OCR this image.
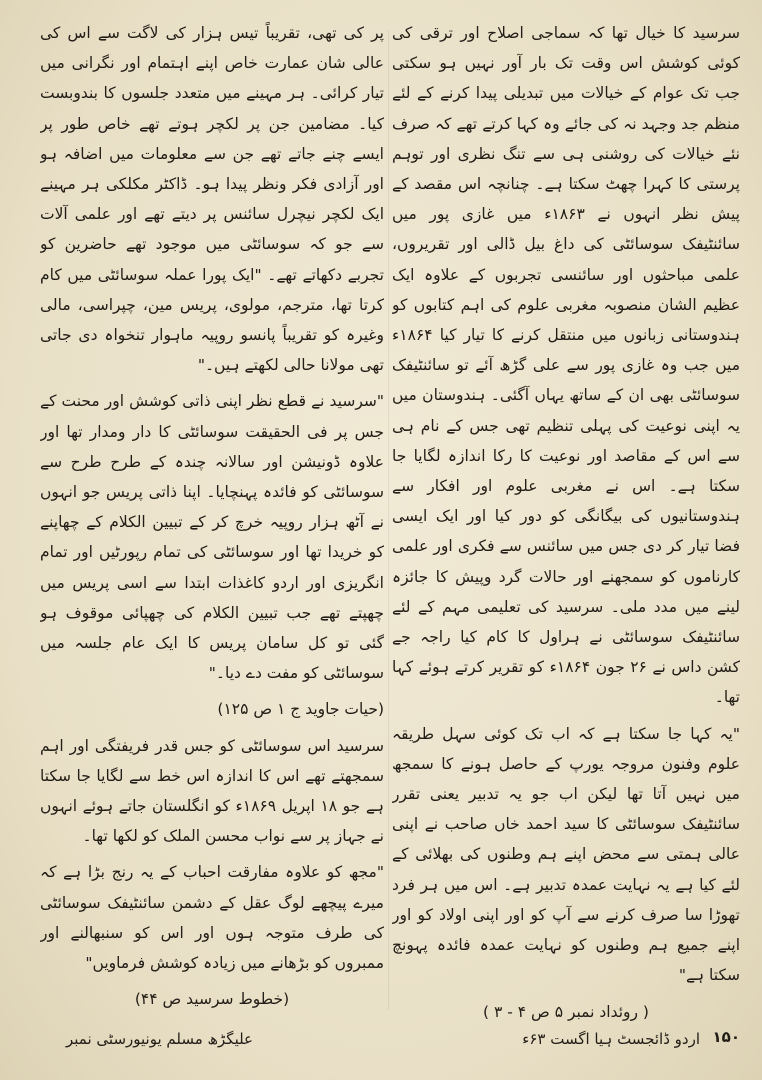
سرسید کا خیال تھا کہ سماجی اصلاح اور ترقی کی کوئی کوشش اس وقت تک بار آور نہیں ہو سکتی جب تک عوام کے خیالات میں تبدیلی پیدا کرنے کے لئے منظم جد وجہد نہ کی جائے وہ کہا کرتے تھے کہ صرف نئے خیالات کی روشنی ہی سے تنگ نظری اور توہم پرستی کا کہرا چھٹ سکتا ہے۔ چنانچہ اس مقصد کے پیش نظر انہوں نے ۱۸۶۳ء میں غازی پور میں سائنٹیفک سوسائٹی کی داغ بیل ڈالی اور تقریروں، علمی مباحثوں اور سائنسی تجربوں کے علاوہ ایک عظیم الشان منصوبہ مغربی علوم کی اہم کتابوں کو ہندوستانی زبانوں میں منتقل کرنے کا تیار کیا ۱۸۶۴ء میں جب وہ غازی پور سے علی گڑھ آئے تو سائنٹیفک سوسائٹی بھی ان کے ساتھ یہاں آگئی۔ ہندوستان میں یہ اپنی نوعیت کی پہلی تنظیم تھی جس کے نام ہی سے اس کے مقاصد اور نوعیت کا رکا اندازہ لگایا جا سکتا ہے۔ اس نے مغربی علوم اور افکار سے ہندوستانیوں کی بیگانگی کو دور کیا اور ایک ایسی فضا تیار کر دی جس میں سائنس سے فکری اور علمی کارناموں کو سمجھنے اور حالات گرد وپیش کا جائزہ لینے میں مدد ملی۔ سرسید کی تعلیمی مہم کے لئے سائنٹیفک سوسائٹی نے ہراول کا کام کیا راجہ جے کشن داس نے ۲۶ جون ۱۸۶۴ء کو تقریر کرتے ہوئے کہا تھا۔

"یہ کہا جا سکتا ہے کہ اب تک کوئی سہل طریقہ علوم وفنون مروجہ یورپ کے حاصل ہونے کا سمجھ میں نہیں آتا تھا لیکن اب جو یہ تدبیر یعنی تقرر سائنٹیفک سوسائٹی کا سید احمد خاں صاحب نے اپنی عالی ہمتی سے محض اپنے ہم وطنوں کی بھلائی کے لئے کیا ہے یہ نہایت عمدہ تدبیر ہے۔ اس میں ہر فرد تھوڑا سا صرف کرنے سے آپ کو اور اپنی اولاد کو اور اپنے جمیع ہم وطنوں کو نہایت عمدہ فائدہ پہونچ سکتا ہے"

( روئداد نمبر ۵ ص ۴ - ۳ )

پر کی تھی، تقریباً تیس ہزار کی لاگت سے اس کی عالی شان عمارت خاص اپنے اہتمام اور نگرانی میں تیار کرائی۔ ہر مہینے میں متعدد جلسوں کا بندوبست کیا۔ مضامین جن پر لکچر ہوتے تھے خاص طور پر ایسے چنے جاتے تھے جن سے معلومات میں اضافہ ہو اور آزادی فکر ونظر پیدا ہو۔ ڈاکٹر مکلکی ہر مہینے ایک لکچر نیچرل سائنس پر دیتے تھے اور علمی آلات سے جو کہ سوسائٹی میں موجود تھے حاضرین کو تجربے دکھاتے تھے۔ "ایک پورا عملہ سوسائٹی میں کام کرتا تھا، مترجم، مولوی، پریس مین، چپراسی، مالی وغیرہ کو تقریباً پانسو روپیہ ماہوار تنخواہ دی جاتی تھی مولانا حالی لکھتے ہیں۔"

"سرسید نے قطع نظر اپنی ذاتی کوشش اور محنت کے جس پر فی الحقیقت سوسائٹی کا دار ومدار تھا اور علاوہ ڈونیشن اور سالانہ چندہ کے طرح طرح سے سوسائٹی کو فائدہ پہنچایا۔ اپنا ذاتی پریس جو انہوں نے آٹھ ہزار روپیہ خرچ کر کے تبیین الکلام کے چھاپنے کو خریدا تھا اور سوسائٹی کی تمام رپورٹیں اور تمام انگریزی اور اردو کاغذات ابتدا سے اسی پریس میں چھپتے تھے جب تبیین الکلام کی چھپائی موقوف ہو گئی تو کل سامان پریس کا ایک عام جلسہ میں سوسائٹی کو مفت دے دیا۔"

(حیات جاوید ج ۱ ص ۱۲۵)

سرسید اس سوسائٹی کو جس قدر فریفتگی اور اہم سمجھتے تھے اس کا اندازہ اس خط سے لگایا جا سکتا ہے جو ۱۸ اپریل ۱۸۶۹ء کو انگلستان جاتے ہوئے انہوں نے جہاز پر سے نواب محسن الملک کو لکھا تھا۔

"مجھ کو علاوہ مفارقت احباب کے یہ رنج بڑا ہے کہ میرے پیچھے لوگ عقل کے دشمن سائنٹیفک سوسائٹی کی طرف متوجہ ہوں اور اس کو سنبھالنے اور ممبروں کو بڑھانے میں زیادہ کوشش فرماویں"

(خطوط سرسید ص ۴۴)

۱۵۰
اردو ڈائجسٹ ہیا اگست ۶۳ء
علیگڑھ مسلم یونیورسٹی نمبر
